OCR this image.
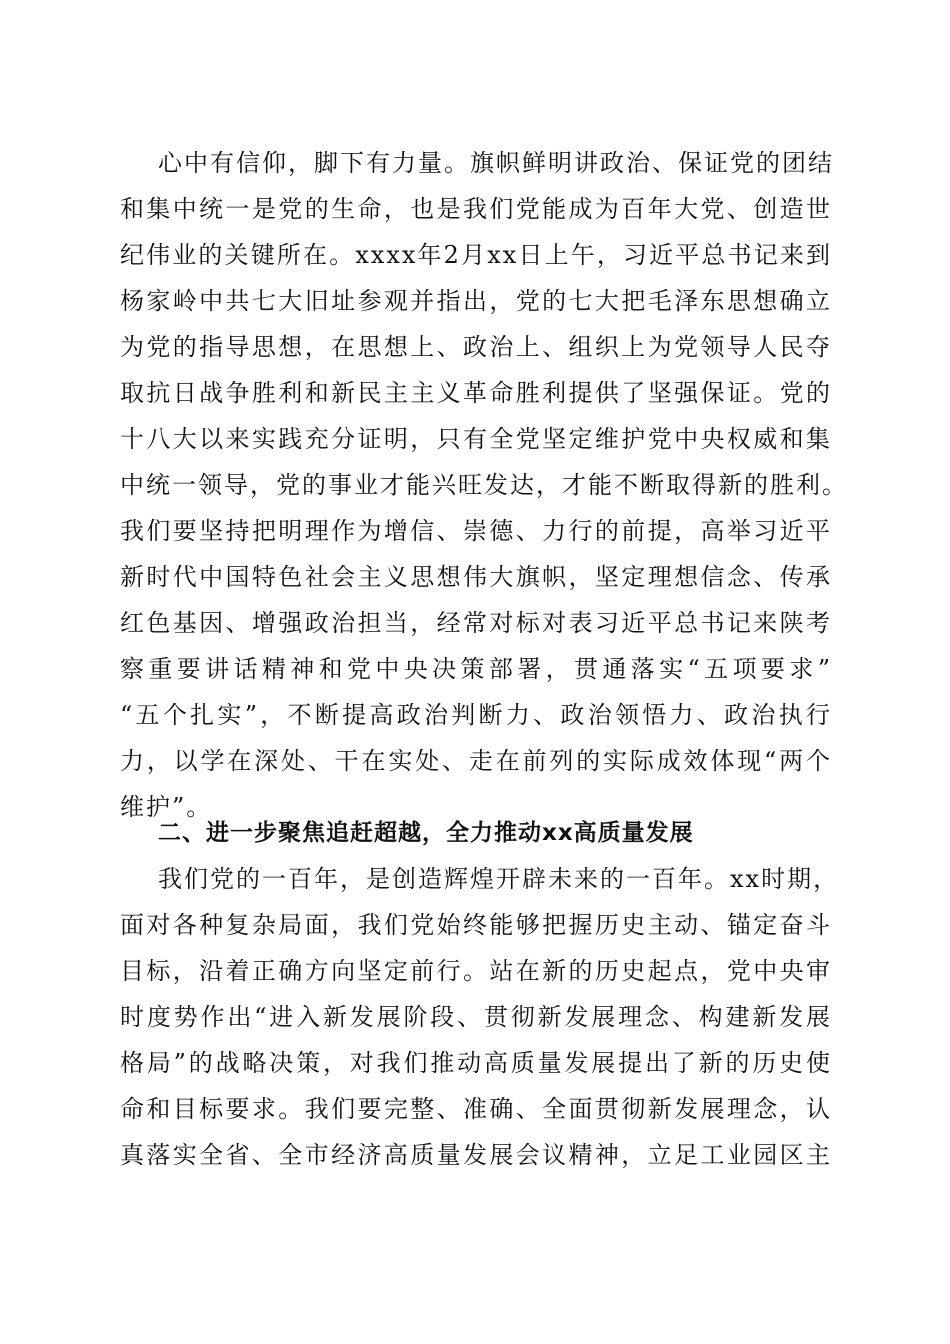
心中有信仰，脚下有力量。旗帜鲜明讲政治、保证党的团结
和集中统一是党的生命，也是我们党能成为百年大党、创造世
纪伟业的关键所在。xxxx年2月xx日上午，习近平总书记来到
杨家岭中共七大旧址参观并指出，党的七大把毛泽东思想确立
为党的指导思想，在思想上、政治上、组织上为党领导人民夺
取抗日战争胜利和新民主主义革命胜利提供了坚强保证。党的
十八大以来实践充分证明，只有全党坚定维护党中央权威和集
中统一领导，党的事业才能兴旺发达，才能不断取得新的胜利。
我们要坚持把明理作为增信、崇德、力行的前提，高举习近平
新时代中国特色社会主义思想伟大旗帜，坚定理想信念、传承
红色基因、增强政治担当，经常对标对表习近平总书记来陕考
察重要讲话精神和党中央决策部署，贯通落实“五项要求”
“五个扎实”，不断提高政治判断力、政治领悟力、政治执行
力，以学在深处、干在实处、走在前列的实际成效体现“两个
维护”。
二、进一步聚焦追赶超越，全力推动xx高质量发展
我们党的一百年，是创造辉煌开辟未来的一百年。xx时期，
面对各种复杂局面，我们党始终能够把握历史主动、锚定奋斗
目标，沿着正确方向坚定前行。站在新的历史起点，党中央审
时度势作出“进入新发展阶段、贯彻新发展理念、构建新发展
格局”的战略决策，对我们推动高质量发展提出了新的历史使
命和目标要求。我们要完整、准确、全面贯彻新发展理念，认
真落实全省、全市经济高质量发展会议精神，立足工业园区主
